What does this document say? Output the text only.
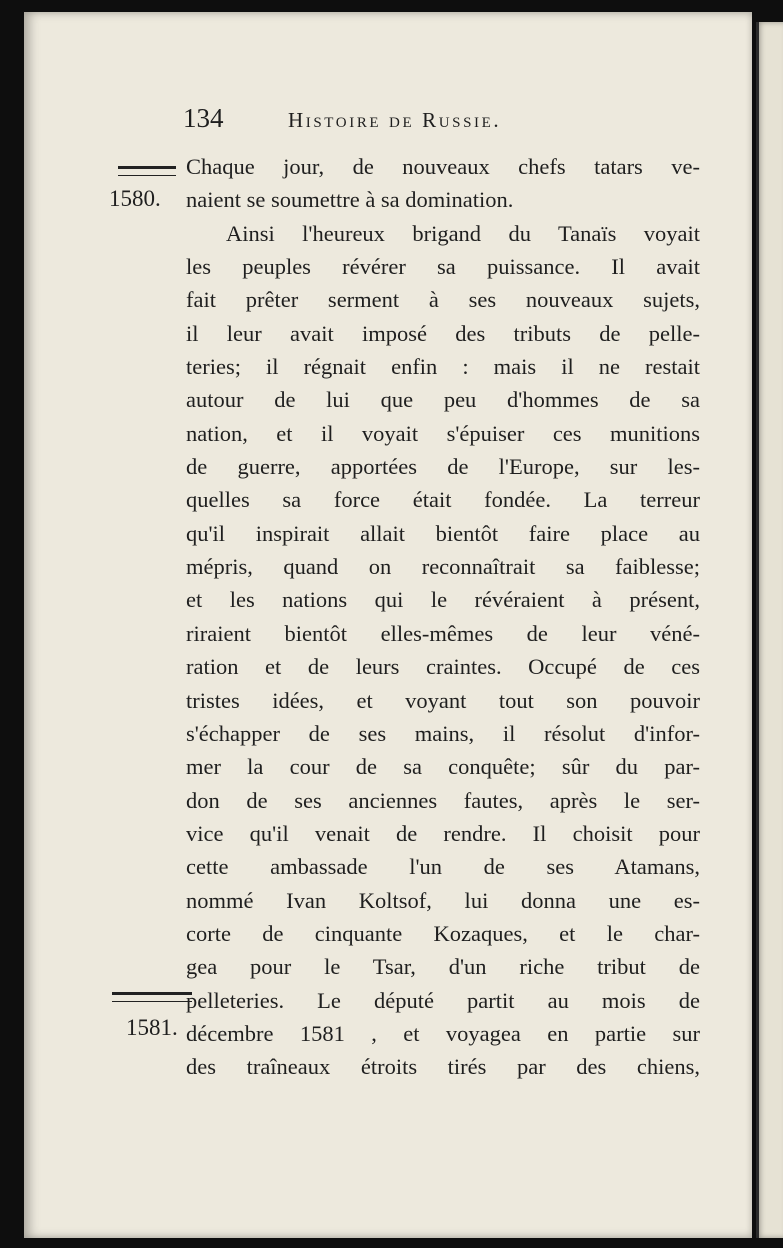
134	Histoire de Russie.
1580.
1581.
Chaque jour, de nouveaux chefs tatars ve-
naient se soumettre à sa domination.
Ainsi l'heureux brigand du Tanaïs voyait
les peuples révérer sa puissance. Il avait
fait prêter serment à ses nouveaux sujets,
il leur avait imposé des tributs de pelle-
teries; il régnait enfin : mais il ne restait
autour de lui que peu d'hommes de sa
nation, et il voyait s'épuiser ces munitions
de guerre, apportées de l'Europe, sur les-
quelles sa force était fondée. La terreur
qu'il inspirait allait bientôt faire place au
mépris, quand on reconnaîtrait sa faiblesse;
et les nations qui le révéraient à présent,
riraient bientôt elles-mêmes de leur véné-
ration et de leurs craintes. Occupé de ces
tristes idées, et voyant tout son pouvoir
s'échapper de ses mains, il résolut d'infor-
mer la cour de sa conquête; sûr du par-
don de ses anciennes fautes, après le ser-
vice qu'il venait de rendre. Il choisit pour
cette ambassade l'un de ses Atamans,
nommé Ivan Koltsof, lui donna une es-
corte de cinquante Kozaques, et le char-
gea pour le Tsar, d'un riche tribut de
pelleteries. Le député partit au mois de
décembre 1581 , et voyagea en partie sur
des traîneaux étroits tirés par des chiens,
